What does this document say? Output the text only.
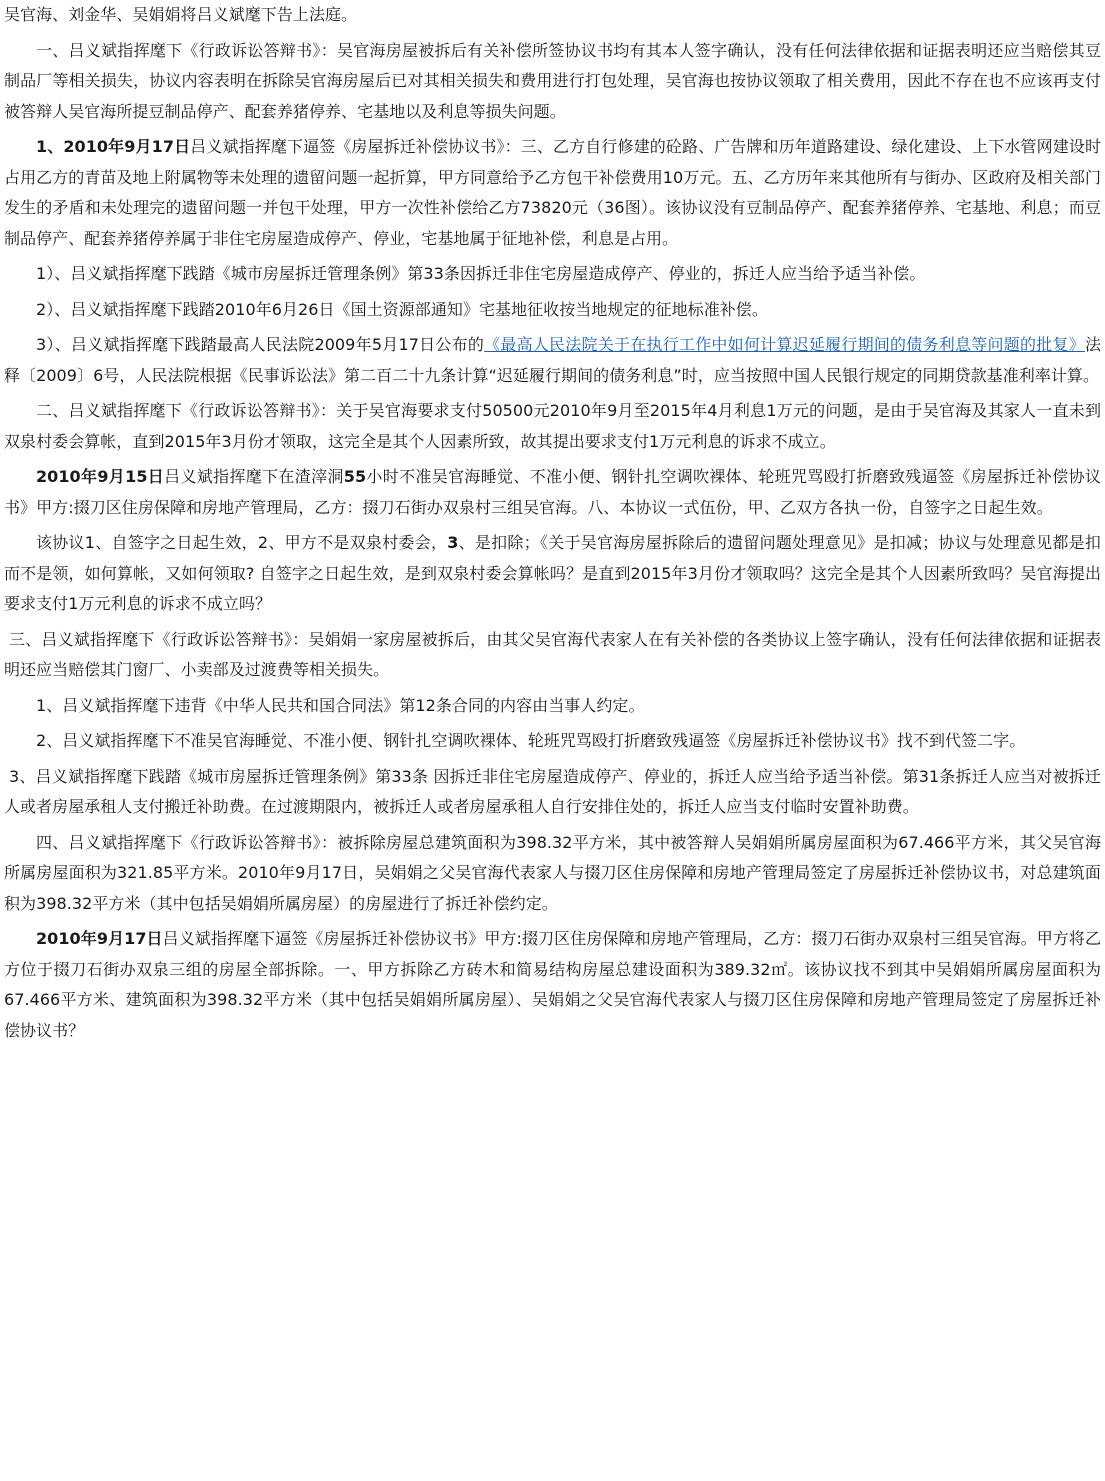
吴官海、刘金华、吴娟娟将吕义斌麾下告上法庭。

一、吕义斌指挥麾下《行政诉讼答辩书》：吴官海房屋被拆后有关补偿所签协议书均有其本人签字确认，没有任何法律依据和证据表明还应当赔偿其豆制品厂等相关损失，协议内容表明在拆除吴官海房屋后已对其相关损失和费用进行打包处理，吴官海也按协议领取了相关费用，因此不存在也不应该再支付被答辩人吴官海所提豆制品停产、配套养猪停养、宅基地以及利息等损失问题。

1、2010年9月17日吕义斌指挥麾下逼签《房屋拆迁补偿协议书》：三、乙方自行修建的砼路、广告牌和历年道路建设、绿化建设、上下水管网建设时占用乙方的青苗及地上附属物等未处理的遗留问题一起折算，甲方同意给予乙方包干补偿费用10万元。五、乙方历年来其他所有与街办、区政府及相关部门发生的矛盾和未处理完的遗留问题一并包干处理，甲方一次性补偿给乙方73820元（36图）。该协议没有豆制品停产、配套养猪停养、宅基地、利息；而豆制品停产、配套养猪停养属于非住宅房屋造成停产、停业，宅基地属于征地补偿，利息是占用。

1）、吕义斌指挥麾下践踏《城市房屋拆迁管理条例》第33条因拆迁非住宅房屋造成停产、停业的，拆迁人应当给予适当补偿。

2）、吕义斌指挥麾下践踏2010年6月26日《国土资源部通知》宅基地征收按当地规定的征地标准补偿。

3）、吕义斌指挥麾下践踏最高人民法院2009年5月17日公布的《最高人民法院关于在执行工作中如何计算迟延履行期间的债务利息等问题的批复》法释〔2009〕6号，人民法院根据《民事诉讼法》第二百二十九条计算“迟延履行期间的债务利息”时，应当按照中国人民银行规定的同期贷款基准利率计算。

二、吕义斌指挥麾下《行政诉讼答辩书》：关于吴官海要求支付50500元2010年9月至2015年4月利息1万元的问题，是由于吴官海及其家人一直未到双泉村委会算帐，直到2015年3月份才领取，这完全是其个人因素所致，故其提出要求支付1万元利息的诉求不成立。

2010年9月15日吕义斌指挥麾下在渣滓洞55小时不准吴官海睡觉、不准小便、钢针扎空调吹裸体、轮班咒骂殴打折磨致残逼签《房屋拆迁补偿协议书》甲方:掇刀区住房保障和房地产管理局，乙方：掇刀石街办双泉村三组吴官海。八、本协议一式伍份，甲、乙双方各执一份，自签字之日起生效。

该协议1、自签字之日起生效，2、甲方不是双泉村委会，3、是扣除；《关于吴官海房屋拆除后的遗留问题处理意见》是扣减；协议与处理意见都是扣而不是领，如何算帐，又如何领取? 自签字之日起生效，是到双泉村委会算帐吗？是直到2015年3月份才领取吗？这完全是其个人因素所致吗？吴官海提出要求支付1万元利息的诉求不成立吗？

三、吕义斌指挥麾下《行政诉讼答辩书》：吴娟娟一家房屋被拆后，由其父吴官海代表家人在有关补偿的各类协议上签字确认，没有任何法律依据和证据表明还应当赔偿其门窗厂、小卖部及过渡费等相关损失。

1、吕义斌指挥麾下违背《中华人民共和国合同法》第12条合同的内容由当事人约定。

2、吕义斌指挥麾下不准吴官海睡觉、不准小便、钢针扎空调吹裸体、轮班咒骂殴打折磨致残逼签《房屋拆迁补偿协议书》找不到代签二字。

3、吕义斌指挥麾下践踏《城市房屋拆迁管理条例》第33条 因拆迁非住宅房屋造成停产、停业的，拆迁人应当给予适当补偿。第31条拆迁人应当对被拆迁人或者房屋承租人支付搬迁补助费。在过渡期限内，被拆迁人或者房屋承租人自行安排住处的，拆迁人应当支付临时安置补助费。

四、吕义斌指挥麾下《行政诉讼答辩书》：被拆除房屋总建筑面积为398.32平方米，其中被答辩人吴娟娟所属房屋面积为67.466平方米，其父吴官海所属房屋面积为321.85平方米。2010年9月17日，吴娟娟之父吴官海代表家人与掇刀区住房保障和房地产管理局签定了房屋拆迁补偿协议书，对总建筑面积为398.32平方米（其中包括吴娟娟所属房屋）的房屋进行了拆迁补偿约定。

2010年9月17日吕义斌指挥麾下逼签《房屋拆迁补偿协议书》甲方:掇刀区住房保障和房地产管理局，乙方：掇刀石街办双泉村三组吴官海。甲方将乙方位于掇刀石街办双泉三组的房屋全部拆除。一、甲方拆除乙方砖木和简易结构房屋总建设面积为389.32㎡。该协议找不到其中吴娟娟所属房屋面积为67.466平方米、建筑面积为398.32平方米（其中包括吴娟娟所属房屋）、吴娟娟之父吴官海代表家人与掇刀区住房保障和房地产管理局签定了房屋拆迁补偿协议书？
